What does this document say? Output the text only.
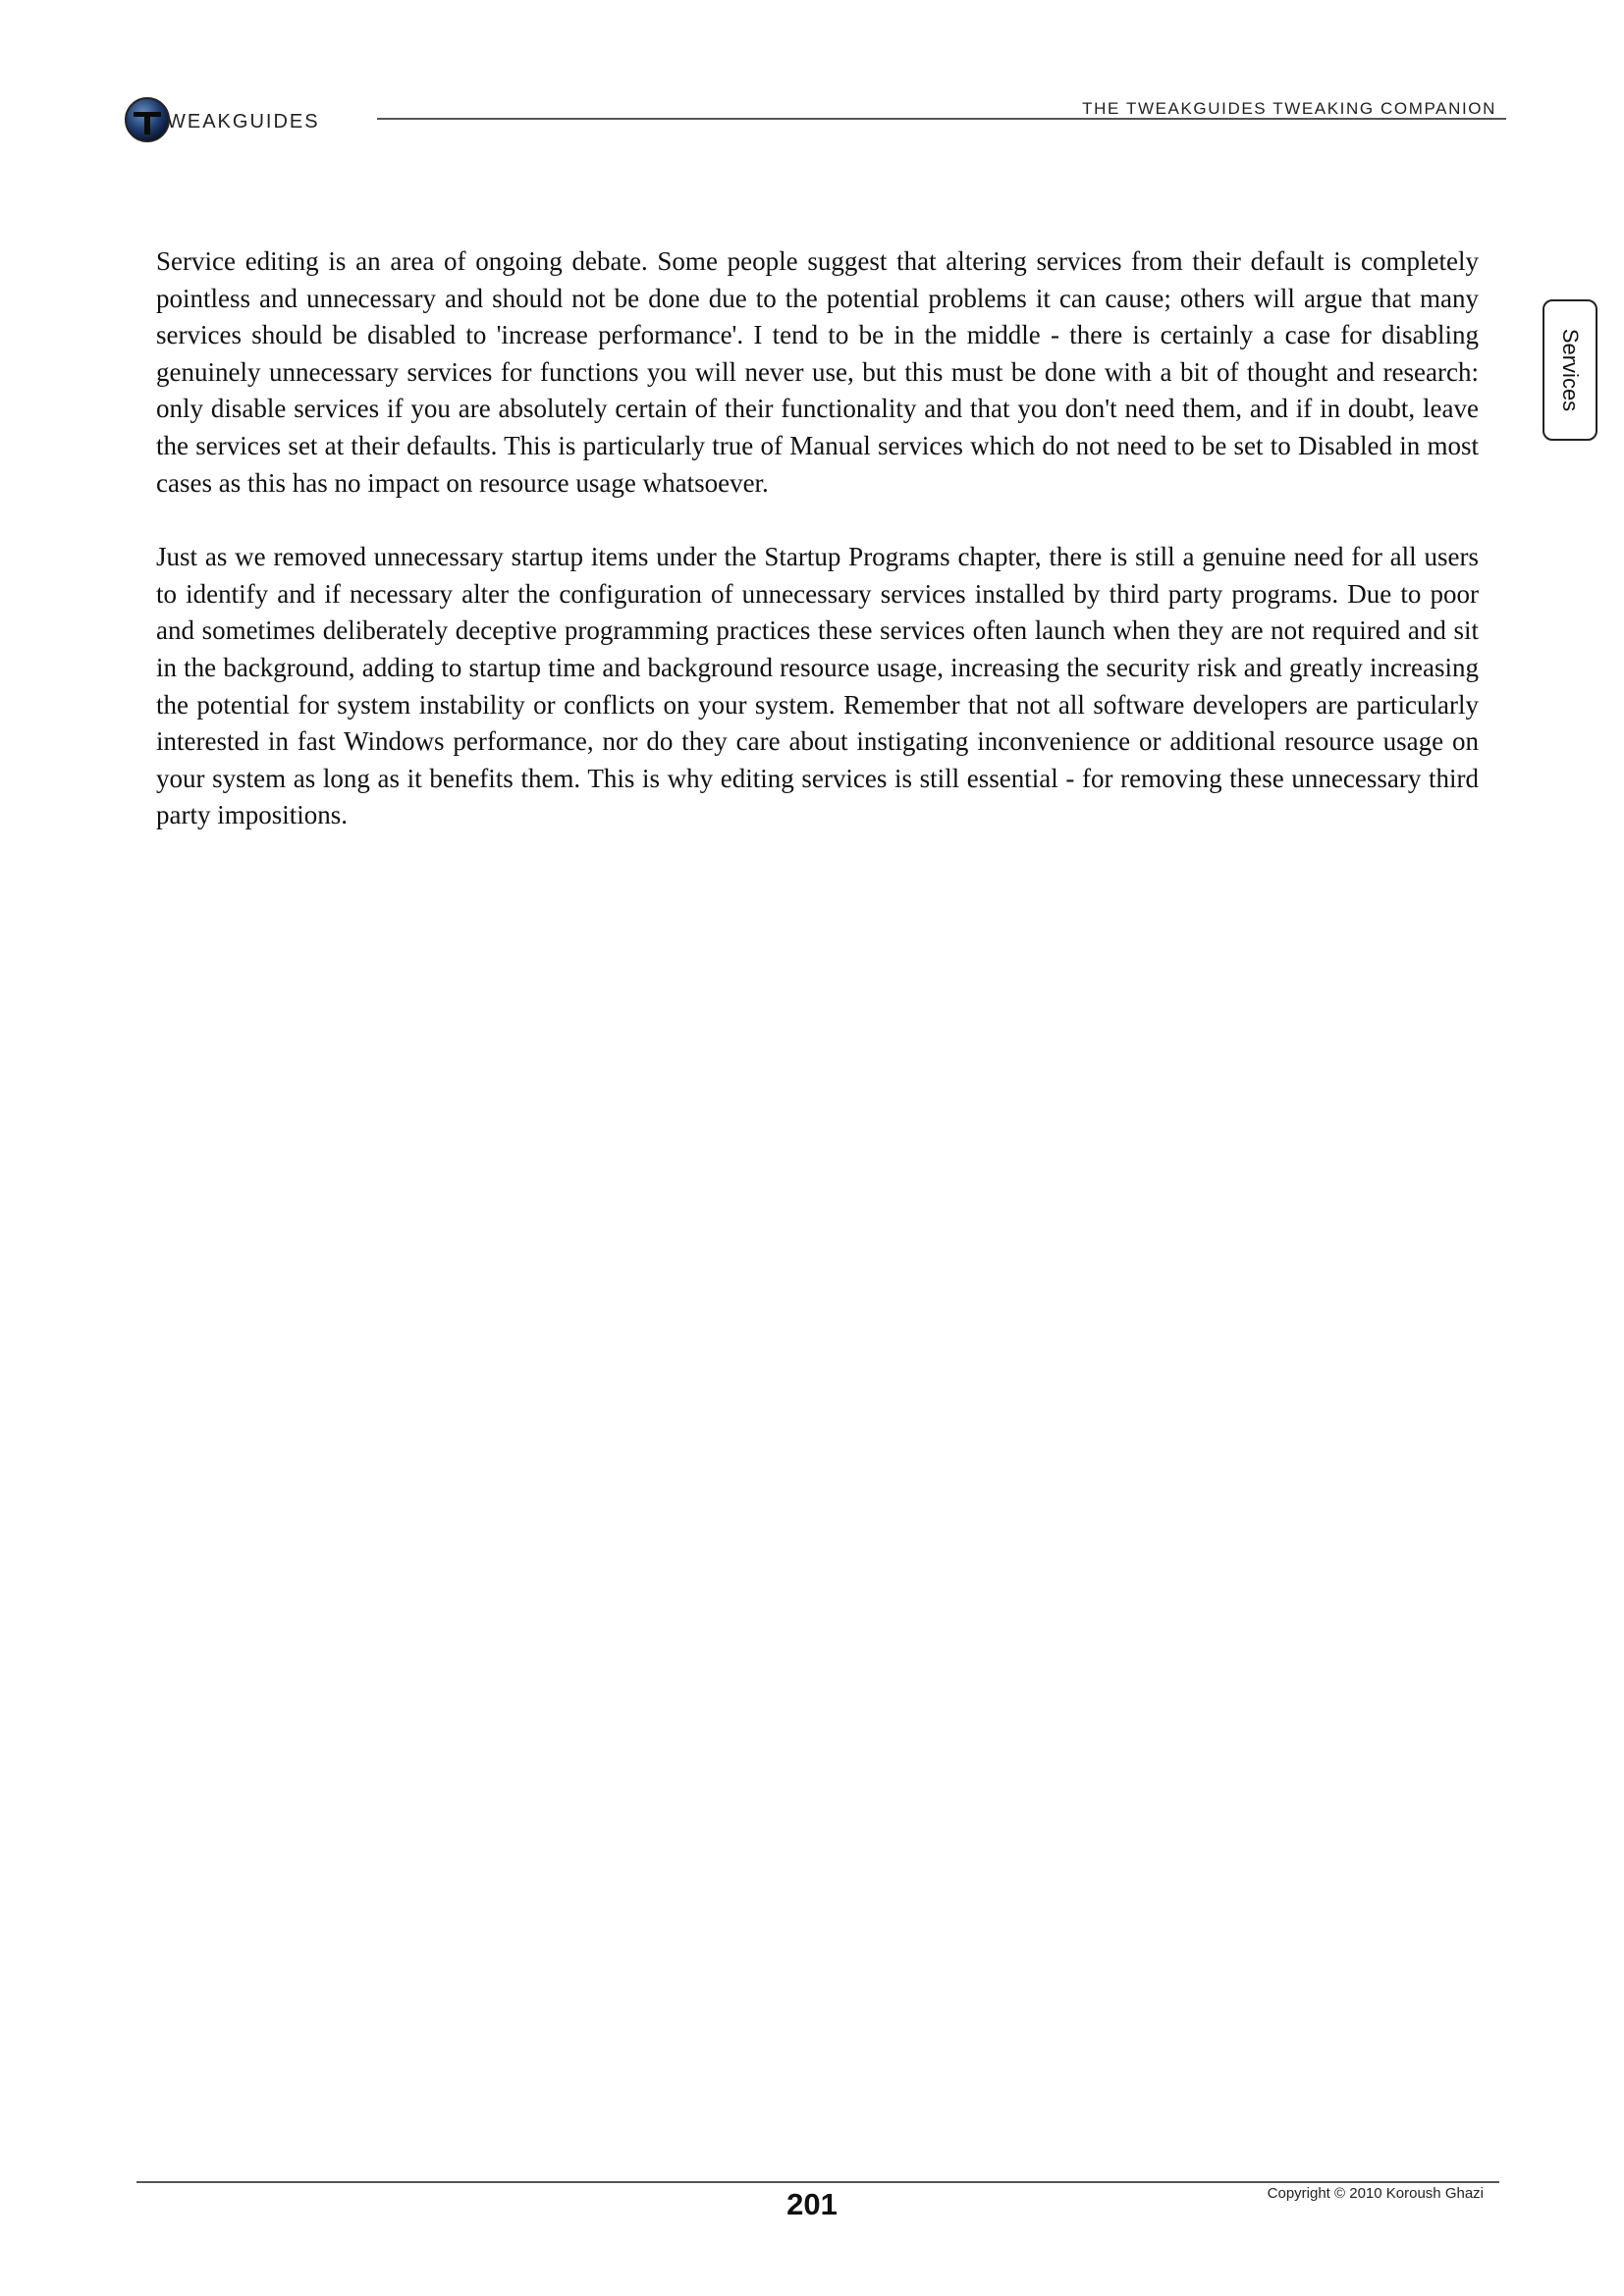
WEAKGUIDES
THE TWEAKGUIDES TWEAKING COMPANION
Services

Service editing is an area of ongoing debate. Some people suggest that altering services from their default is completely pointless and unnecessary and should not be done due to the potential problems it can cause; others will argue that many services should be disabled to 'increase performance'. I tend to be in the middle - there is certainly a case for disabling genuinely unnecessary services for functions you will never use, but this must be done with a bit of thought and research: only disable services if you are absolutely certain of their functionality and that you don't need them, and if in doubt, leave the services set at their defaults. This is particularly true of Manual services which do not need to be set to Disabled in most cases as this has no impact on resource usage whatsoever.

Just as we removed unnecessary startup items under the Startup Programs chapter, there is still a genuine need for all users to identify and if necessary alter the configuration of unnecessary services installed by third party programs. Due to poor and sometimes deliberately deceptive programming practices these services often launch when they are not required and sit in the background, adding to startup time and background resource usage, increasing the security risk and greatly increasing the potential for system instability or conflicts on your system. Remember that not all software developers are particularly interested in fast Windows performance, nor do they care about instigating inconvenience or additional resource usage on your system as long as it benefits them. This is why editing services is still essential - for removing these unnecessary third party impositions.

201	Copyright © 2010 Koroush Ghazi
